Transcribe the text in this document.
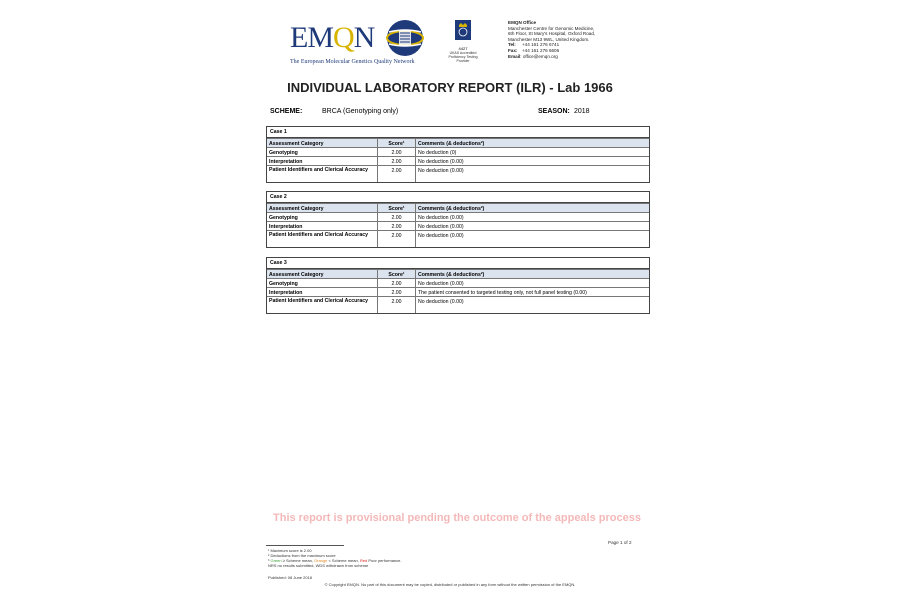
EMQN
The European Molecular Genetics Quality Network
4427
UKAS Accredited Proficiency Testing Provider
EMQN Office
Manchester Centre for Genomic Medicine,
6th Floor, St Mary's Hospital, Oxford Road,
Manchester M13 9WL, United Kingdom.
Tel: +44 161 276 6741
Fax: +44 161 276 6606
Email: office@emqn.org
INDIVIDUAL LABORATORY REPORT (ILR) - Lab 1966
SCHEME:	BRCA (Genotyping only)	SEASON: 2018
Case 1
Assessment Category	Score¹	Comments (& deductions²)
Genotyping	2.00	No deduction (0)
Interpretation	2.00	No deduction (0.00)
Patient Identifiers and Clerical Accuracy	2.00	No deduction (0.00)
Case 2
Assessment Category	Score¹	Comments (& deductions²)
Genotyping	2.00	No deduction (0.00)
Interpretation	2.00	No deduction (0.00)
Patient Identifiers and Clerical Accuracy	2.00	No deduction (0.00)
Case 3
Assessment Category	Score¹	Comments (& deductions²)
Genotyping	2.00	No deduction (0.00)
Interpretation	2.00	The patient consented to targeted testing only, not full panel testing (0.00)
Patient Identifiers and Clerical Accuracy	2.00	No deduction (0.00)
This report is provisional pending the outcome of the appeals process
Page 1 of 2
¹ Maximum score is 2.00
² Deductions from the maximum score
³ Green ≥ Scheme mean, Orange < Scheme mean, Red Poor performance.
NRS no results submitted, WDS withdrawn from scheme
Published: 08 June 2018
© Copyright EMQN. No part of this document may be copied, distributed or published in any form without the written permission of the EMQN.
